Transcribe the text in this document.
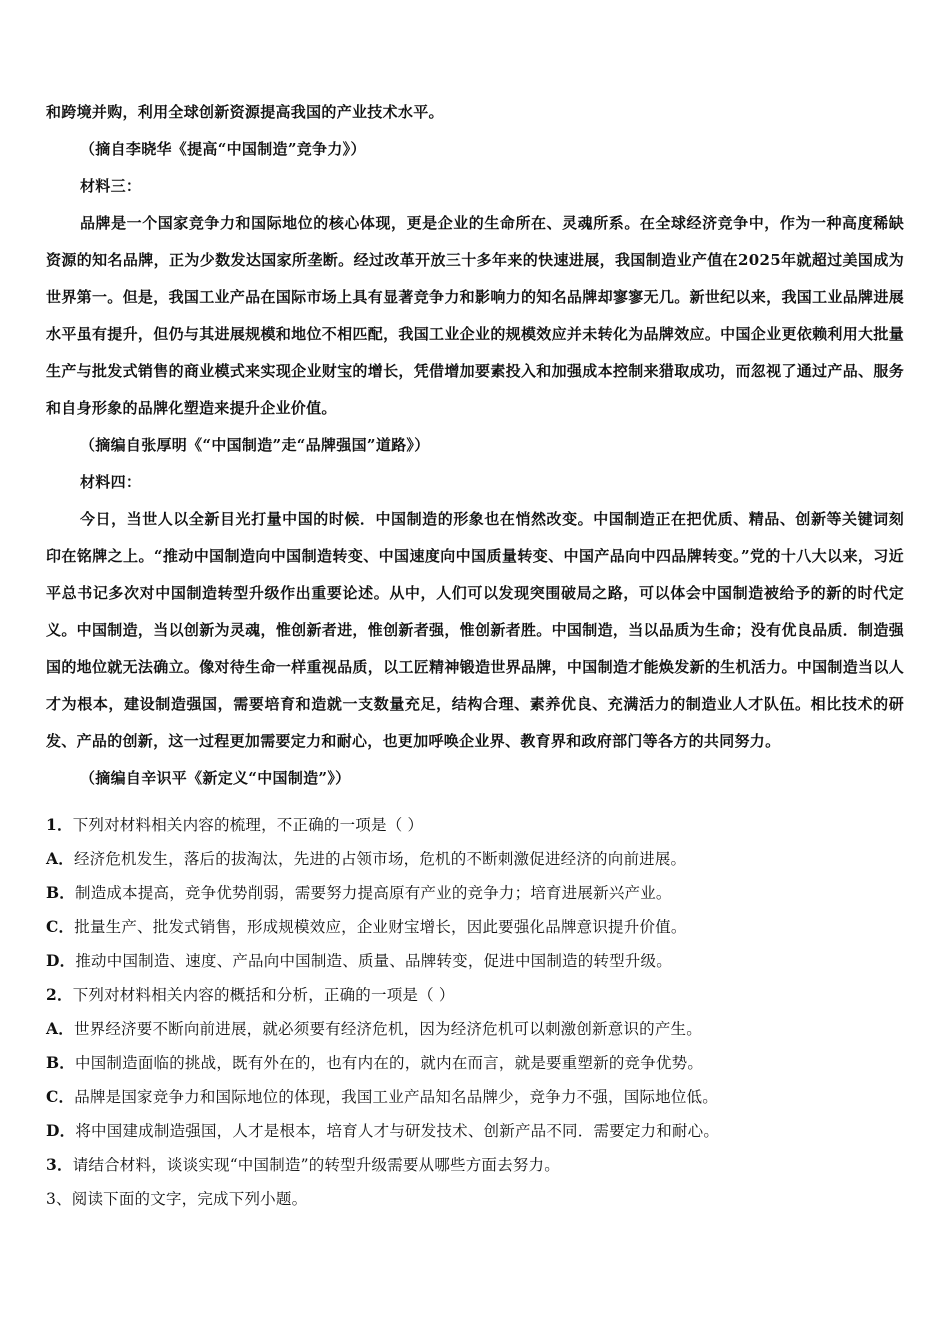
和跨境并购，利用全球创新资源提高我国的产业技术水平。

（摘自李晓华《提高“中国制造”竞争力》）

材料三：

品牌是一个国家竞争力和国际地位的核心体现，更是企业的生命所在、灵魂所系。在全球经济竞争中，作为一种高度稀缺资源的知名品牌，正为少数发达国家所垄断。经过改革开放三十多年来的快速进展，我国制造业产值在2025年就超过美国成为世界第一。但是，我国工业产品在国际市场上具有显著竞争力和影响力的知名品牌却寥寥无几。新世纪以来，我国工业品牌进展水平虽有提升，但仍与其进展规模和地位不相匹配，我国工业企业的规模效应并未转化为品牌效应。中国企业更依赖利用大批量生产与批发式销售的商业模式来实现企业财宝的增长，凭借增加要素投入和加强成本控制来猎取成功，而忽视了通过产品、服务和自身形象的品牌化塑造来提升企业价值。

（摘编自张厚明《“中国制造”走“品牌强国”道路》）

材料四：

今日，当世人以全新目光打量中国的时候．中国制造的形象也在悄然改变。中国制造正在把优质、精品、创新等关键词刻印在铭牌之上。“推动中国制造向中国制造转变、中国速度向中国质量转变、中国产品向中四品牌转变。”党的十八大以来，习近平总书记多次对中国制造转型升级作出重要论述。从中，人们可以发现突围破局之路，可以体会中国制造被给予的新的时代定义。中国制造，当以创新为灵魂，惟创新者进，惟创新者强，惟创新者胜。中国制造，当以品质为生命；没有优良品质．制造强国的地位就无法确立。像对待生命一样重视品质，以工匠精神锻造世界品牌，中国制造才能焕发新的生机活力。中国制造当以人才为根本，建设制造强国，需要培育和造就一支数量充足，结构合理、素养优良、充满活力的制造业人才队伍。相比技术的研发、产品的创新，这一过程更加需要定力和耐心，也更加呼唤企业界、教育界和政府部门等各方的共同努力。

（摘编自辛识平《新定义“中国制造”》）

1．下列对材料相关内容的梳理，不正确的一项是（ ）

A．经济危机发生，落后的拔淘汰，先进的占领市场，危机的不断刺激促进经济的向前进展。

B．制造成本提高，竞争优势削弱，需要努力提高原有产业的竞争力；培育进展新兴产业。

C．批量生产、批发式销售，形成规模效应，企业财宝增长，因此要强化品牌意识提升价值。

D．推动中国制造、速度、产品向中国制造、质量、品牌转变，促进中国制造的转型升级。

2．下列对材料相关内容的概括和分析，正确的一项是（ ）

A．世界经济要不断向前进展，就必须要有经济危机，因为经济危机可以刺激创新意识的产生。

B．中国制造面临的挑战，既有外在的，也有内在的，就内在而言，就是要重塑新的竞争优势。

C．品牌是国家竞争力和国际地位的体现，我国工业产品知名品牌少，竞争力不强，国际地位低。

D．将中国建成制造强国，人才是根本，培育人才与研发技术、创新产品不同．需要定力和耐心。

3．请结合材料，谈谈实现“中国制造”的转型升级需要从哪些方面去努力。

3、阅读下面的文字，完成下列小题。
